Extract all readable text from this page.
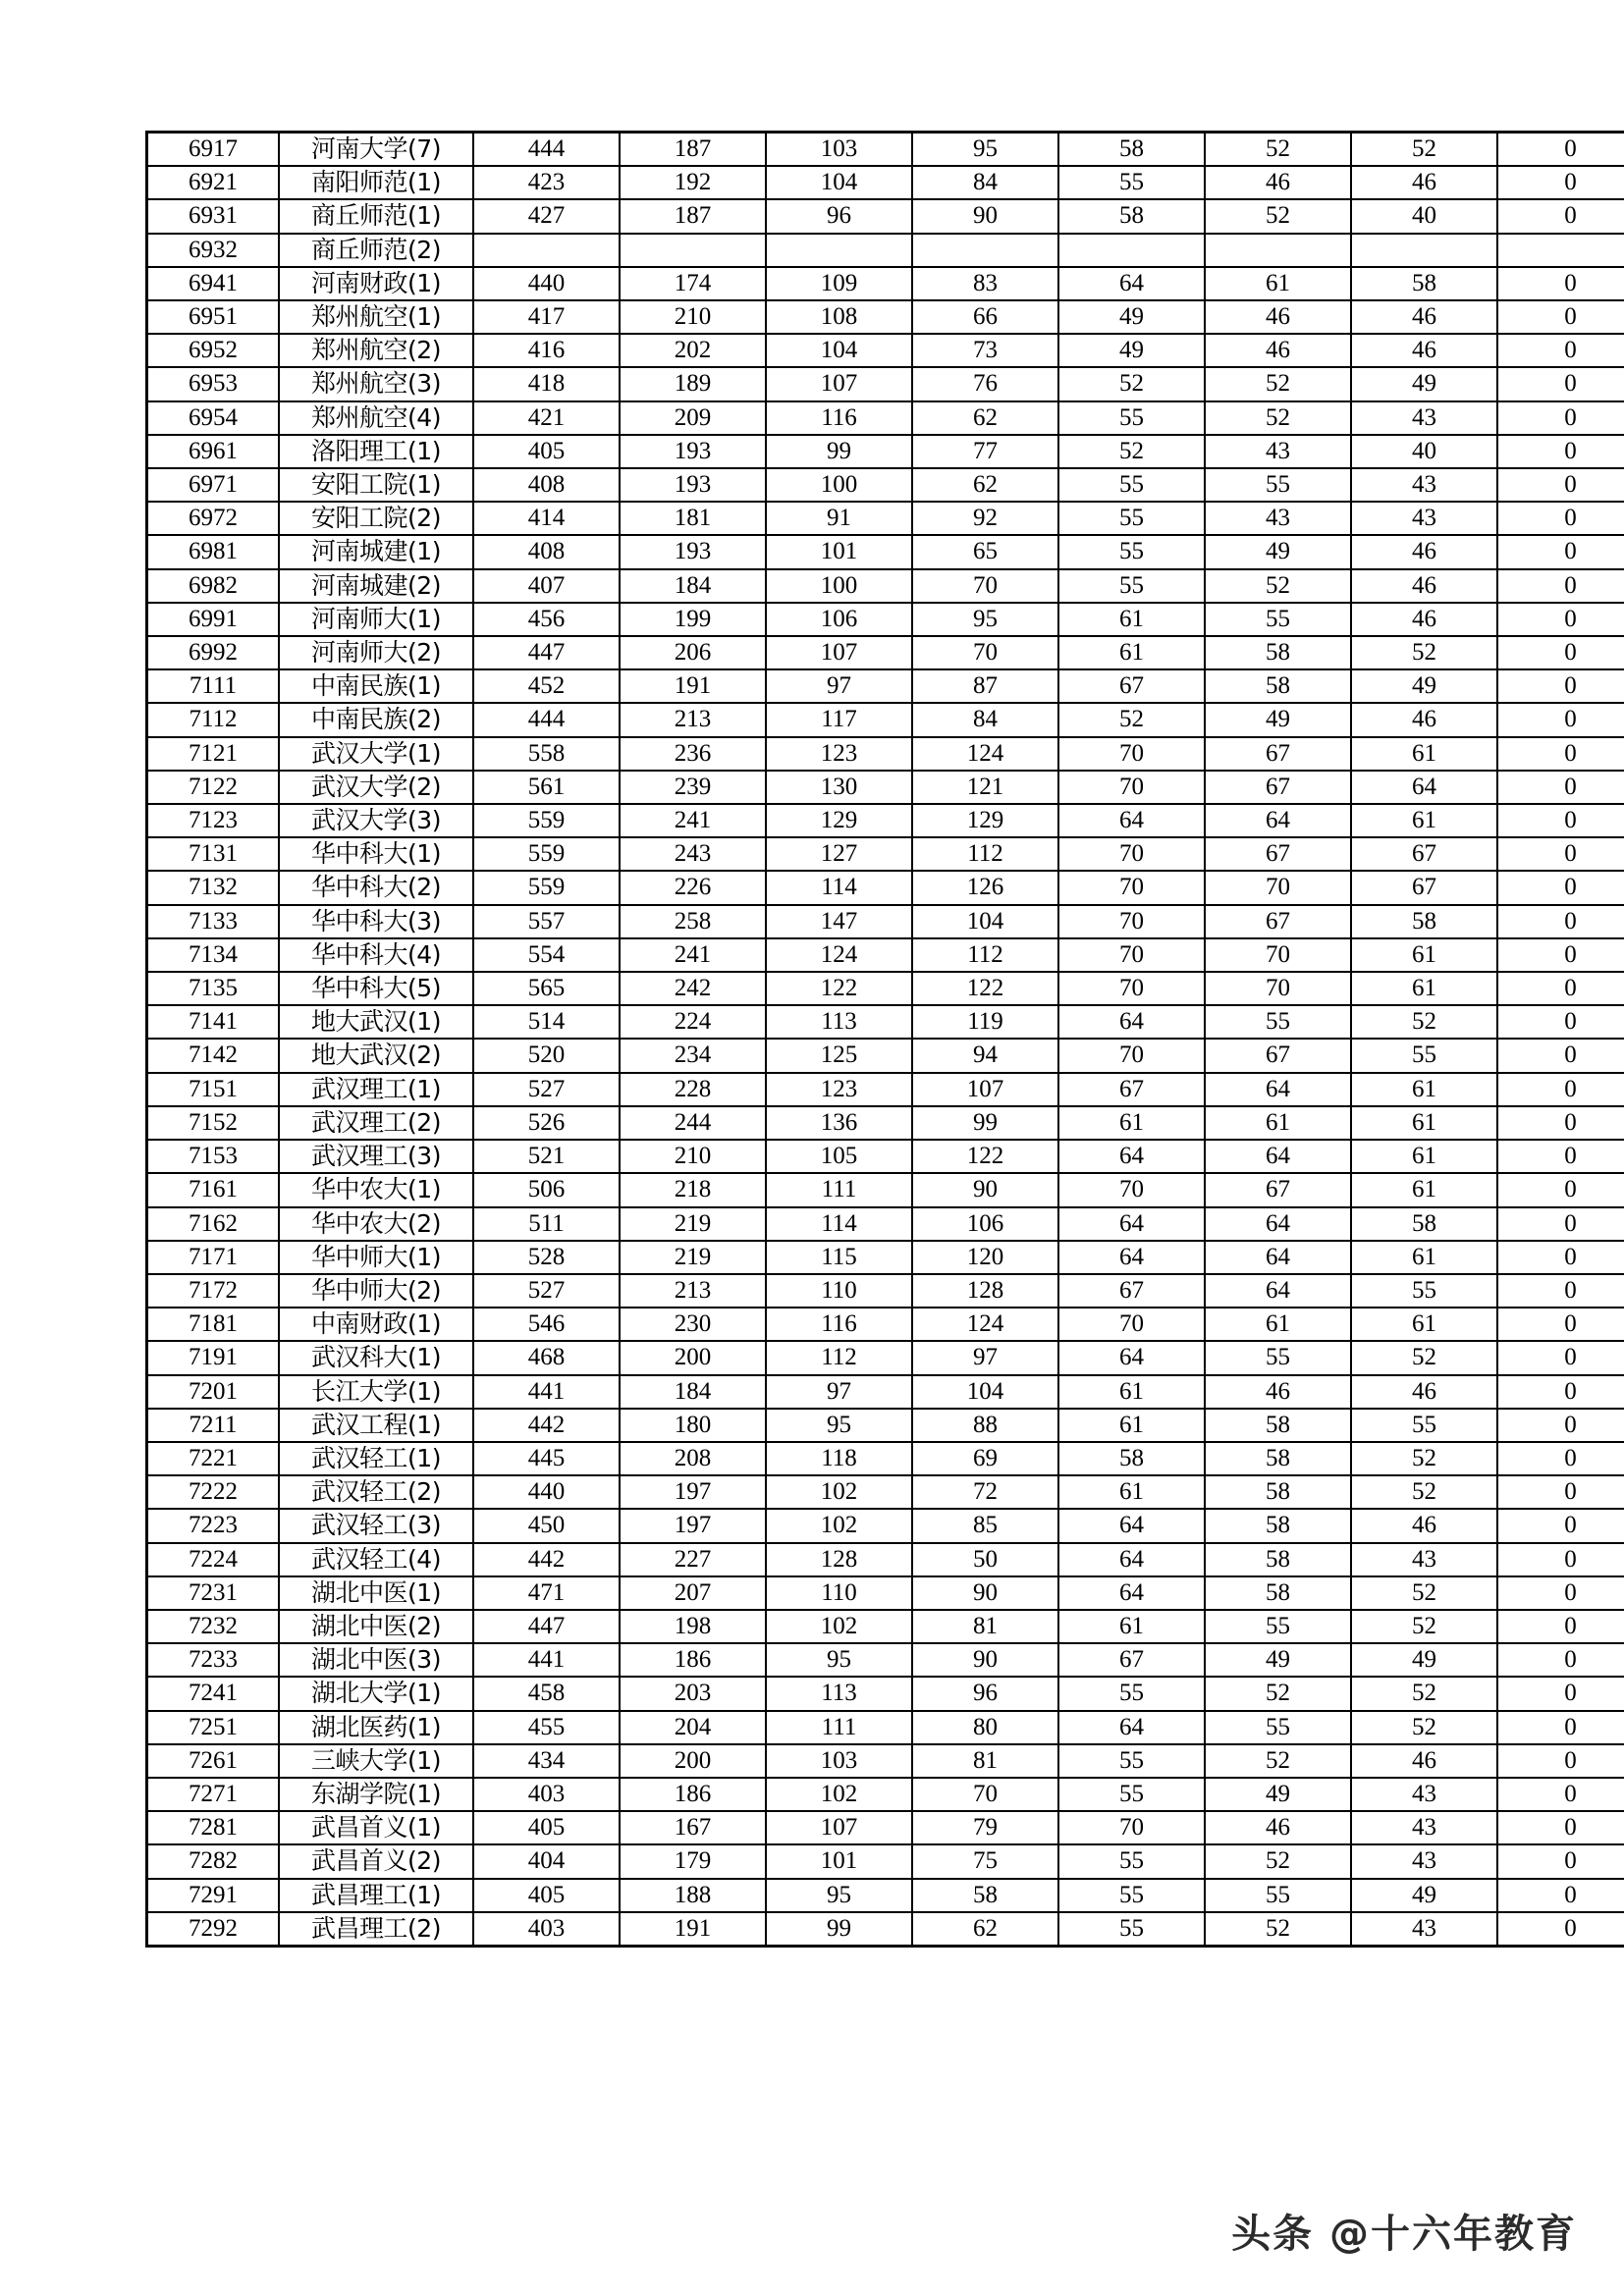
6917	河南大学(7)	444	187	103	95	58	52	52	0
6921	南阳师范(1)	423	192	104	84	55	46	46	0
6931	商丘师范(1)	427	187	96	90	58	52	40	0
6932	商丘师范(2)								
6941	河南财政(1)	440	174	109	83	64	61	58	0
6951	郑州航空(1)	417	210	108	66	49	46	46	0
6952	郑州航空(2)	416	202	104	73	49	46	46	0
6953	郑州航空(3)	418	189	107	76	52	52	49	0
6954	郑州航空(4)	421	209	116	62	55	52	43	0
6961	洛阳理工(1)	405	193	99	77	52	43	40	0
6971	安阳工院(1)	408	193	100	62	55	55	43	0
6972	安阳工院(2)	414	181	91	92	55	43	43	0
6981	河南城建(1)	408	193	101	65	55	49	46	0
6982	河南城建(2)	407	184	100	70	55	52	46	0
6991	河南师大(1)	456	199	106	95	61	55	46	0
6992	河南师大(2)	447	206	107	70	61	58	52	0
7111	中南民族(1)	452	191	97	87	67	58	49	0
7112	中南民族(2)	444	213	117	84	52	49	46	0
7121	武汉大学(1)	558	236	123	124	70	67	61	0
7122	武汉大学(2)	561	239	130	121	70	67	64	0
7123	武汉大学(3)	559	241	129	129	64	64	61	0
7131	华中科大(1)	559	243	127	112	70	67	67	0
7132	华中科大(2)	559	226	114	126	70	70	67	0
7133	华中科大(3)	557	258	147	104	70	67	58	0
7134	华中科大(4)	554	241	124	112	70	70	61	0
7135	华中科大(5)	565	242	122	122	70	70	61	0
7141	地大武汉(1)	514	224	113	119	64	55	52	0
7142	地大武汉(2)	520	234	125	94	70	67	55	0
7151	武汉理工(1)	527	228	123	107	67	64	61	0
7152	武汉理工(2)	526	244	136	99	61	61	61	0
7153	武汉理工(3)	521	210	105	122	64	64	61	0
7161	华中农大(1)	506	218	111	90	70	67	61	0
7162	华中农大(2)	511	219	114	106	64	64	58	0
7171	华中师大(1)	528	219	115	120	64	64	61	0
7172	华中师大(2)	527	213	110	128	67	64	55	0
7181	中南财政(1)	546	230	116	124	70	61	61	0
7191	武汉科大(1)	468	200	112	97	64	55	52	0
7201	长江大学(1)	441	184	97	104	61	46	46	0
7211	武汉工程(1)	442	180	95	88	61	58	55	0
7221	武汉轻工(1)	445	208	118	69	58	58	52	0
7222	武汉轻工(2)	440	197	102	72	61	58	52	0
7223	武汉轻工(3)	450	197	102	85	64	58	46	0
7224	武汉轻工(4)	442	227	128	50	64	58	43	0
7231	湖北中医(1)	471	207	110	90	64	58	52	0
7232	湖北中医(2)	447	198	102	81	61	55	52	0
7233	湖北中医(3)	441	186	95	90	67	49	49	0
7241	湖北大学(1)	458	203	113	96	55	52	52	0
7251	湖北医药(1)	455	204	111	80	64	55	52	0
7261	三峡大学(1)	434	200	103	81	55	52	46	0
7271	东湖学院(1)	403	186	102	70	55	49	43	0
7281	武昌首义(1)	405	167	107	79	70	46	43	0
7282	武昌首义(2)	404	179	101	75	55	52	43	0
7291	武昌理工(1)	405	188	95	58	55	55	49	0
7292	武昌理工(2)	403	191	99	62	55	52	43	0
头条 @十六年教育
